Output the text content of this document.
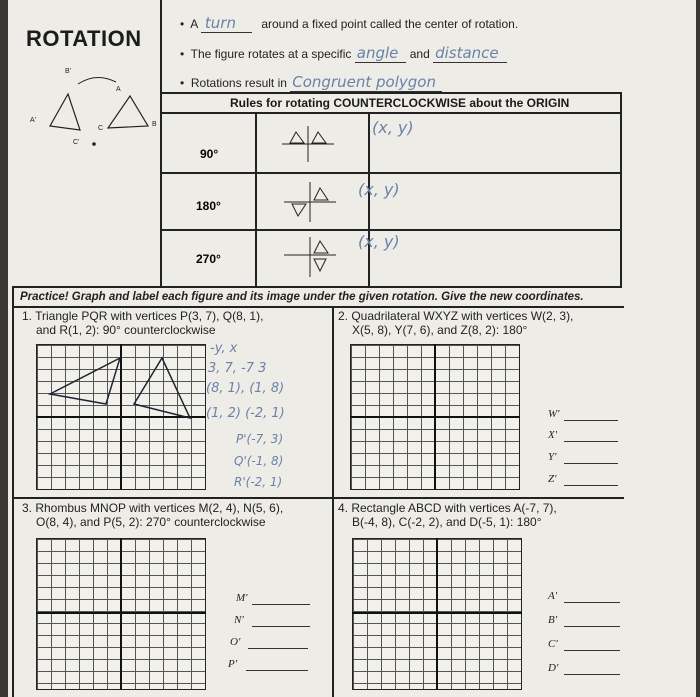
ROTATION
•  A turn around a fixed point called the center of rotation.
•  The figure rotates at a specific angle and distance
•  Rotations result in Congruent polygon
B'
A
A'
C
C'
B
Rules for rotating COUNTERCLOCKWISE about the ORIGIN
(x, y)
90°
180°
270°
(x, y)
(x, y)
Practice! Graph and label each figure and its image under the given rotation. Give the new coordinates.
1. Triangle PQR with vertices P(3, 7), Q(8, 1),
and R(1, 2): 90° counterclockwise
-y, x
3, 7, -7 3
(8, 1), (1, 8)
(1, 2) (-2, 1)
P'(-7, 3)
Q'(-1, 8)
R'(-2, 1)
2. Quadrilateral WXYZ with vertices W(2, 3),
X(5, 8), Y(7, 6), and Z(8, 2): 180°
W'
X'
Y'
Z'
3. Rhombus MNOP with vertices M(2, 4), N(5, 6),
O(8, 4), and P(5, 2): 270° counterclockwise
M'
N'
O'
P'
4. Rectangle ABCD with vertices A(-7, 7),
B(-4, 8), C(-2, 2), and D(-5, 1): 180°
A'
B'
C'
D'
